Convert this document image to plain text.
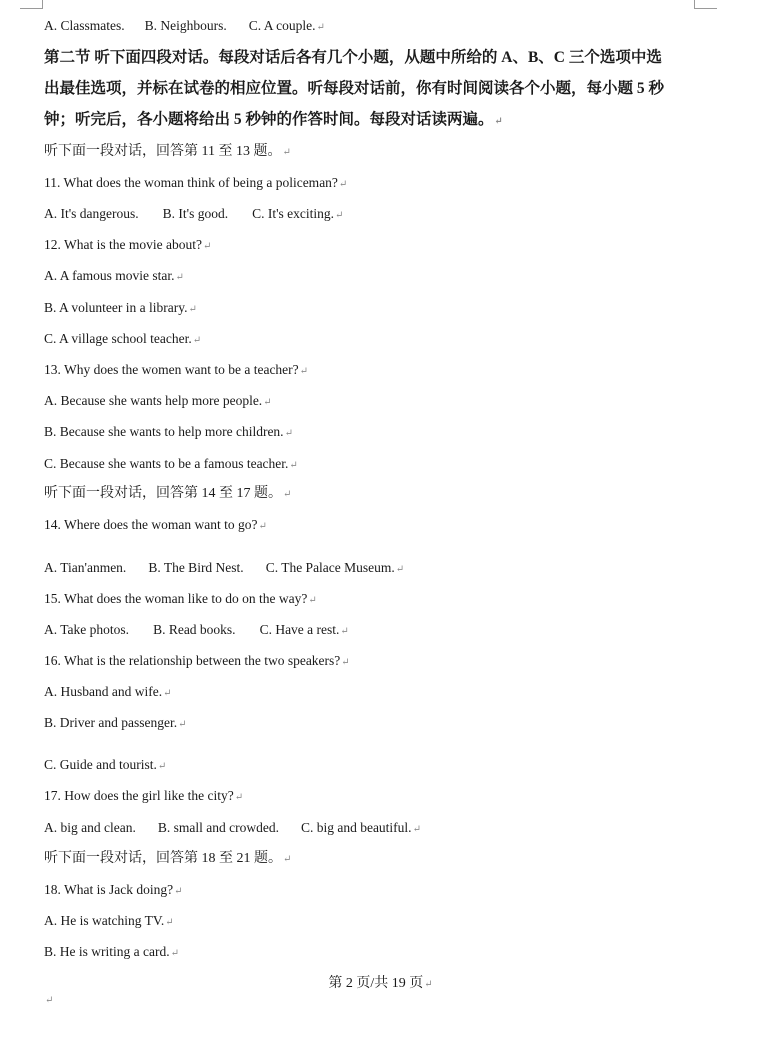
A. Classmates. B. Neighbours. C. A couple.↵
第二节 听下面四段对话。每段对话后各有几个小题，从题中所给的 A、B、C 三个选项中选
出最佳选项，并标在试卷的相应位置。听每段对话前，你有时间阅读各个小题，每小题 5 秒
钟；听完后，各小题将给出 5 秒钟的作答时间。每段对话读两遍。↵
听下面一段对话，回答第 11 至 13 题。↵
11. What does the woman think of being a policeman?↵
A. It's dangerous. B. It's good. C. It's exciting.↵
12. What is the movie about?↵
A. A famous movie star.↵
B. A volunteer in a library.↵
C. A village school teacher.↵
13. Why does the women want to be a teacher?↵
A. Because she wants help more people.↵
B. Because she wants to help more children.↵
C. Because she wants to be a famous teacher.↵
听下面一段对话，回答第 14 至 17 题。↵
14. Where does the woman want to go?↵
A. Tian'anmen. B. The Bird Nest. C. The Palace Museum.↵
15. What does the woman like to do on the way?↵
A. Take photos. B. Read books. C. Have a rest.↵
16. What is the relationship between the two speakers?↵
A. Husband and wife.↵
B. Driver and passenger.↵
C. Guide and tourist.↵
17. How does the girl like the city?↵
A. big and clean. B. small and crowded. C. big and beautiful.↵
听下面一段对话，回答第 18 至 21 题。↵
18. What is Jack doing?↵
A. He is watching TV.↵
B. He is writing a card.↵
第 2 页/共 19 页↵
↵
